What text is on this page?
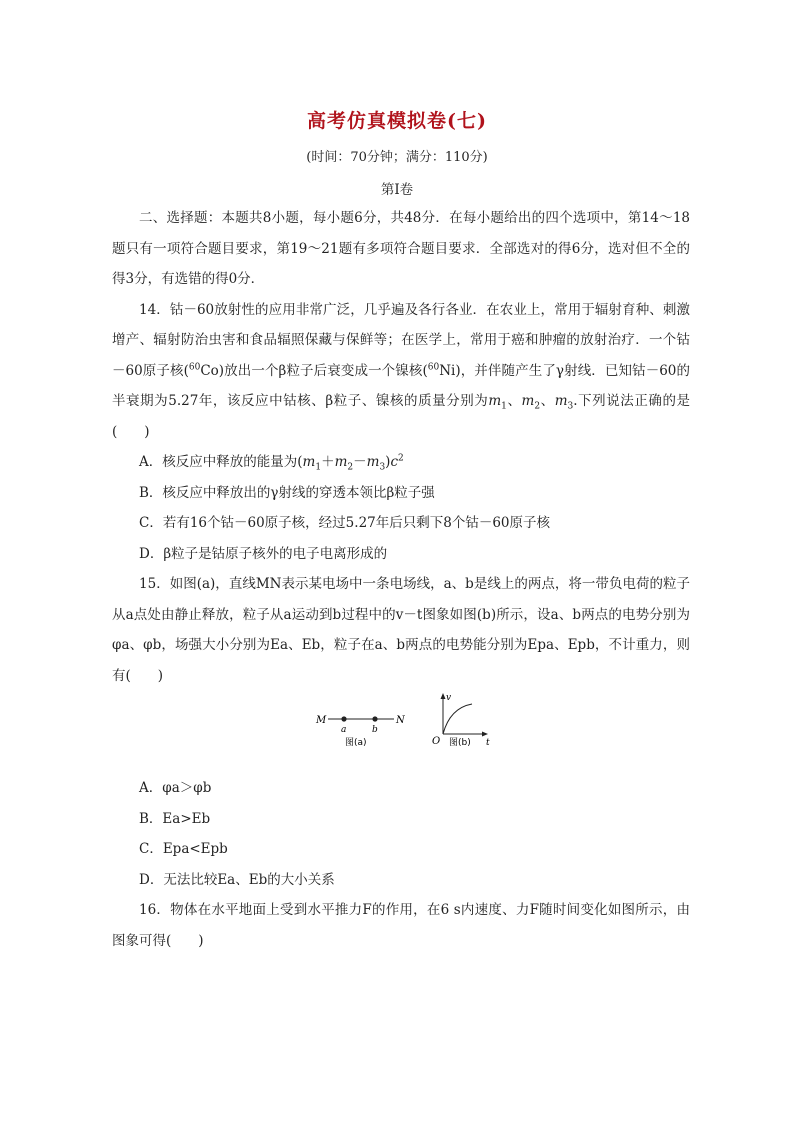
高考仿真模拟卷(七)
(时间：70分钟；满分：110分)
第Ⅰ卷

二、选择题：本题共8小题，每小题6分，共48分．在每小题给出的四个选项中，第14～18题只有一项符合题目要求，第19～21题有多项符合题目要求．全部选对的得6分，选对但不全的得3分，有选错的得0分．

14．钴－60放射性的应用非常广泛，几乎遍及各行各业．在农业上，常用于辐射育种、刺激增产、辐射防治虫害和食品辐照保藏与保鲜等；在医学上，常用于癌和肿瘤的放射治疗．一个钴－60原子核($^{60}$Co)放出一个β粒子后衰变成一个镍核($^{60}$Ni)，并伴随产生了γ射线．已知钴－60的半衰期为5.27年，该反应中钴核、β粒子、镍核的质量分别为$m_1$、$m_2$、$m_3$.下列说法正确的是(　　)

A．核反应中释放的能量为$(m_1+m_2-m_3)c^2$

B．核反应中释放出的γ射线的穿透本领比β粒子强

C．若有16个钴－60原子核，经过5.27年后只剩下8个钴－60原子核

D．β粒子是钴原子核外的电子电离形成的

15．如图(a)，直线MN表示某电场中一条电场线，a、b是线上的两点，将一带负电荷的粒子从a点处由静止释放，粒子从a运动到b过程中的v－t图象如图(b)所示，设a、b两点的电势分别为φa、φb，场强大小分别为Ea、Eb，粒子在a、b两点的电势能分别为Epa、Epb，不计重力，则有(　　)

M
a	b
N
图(a)
v
O	t
图(b)

A．φa＞φb

B．Ea>Eb

C．Epa<Epb

D．无法比较Ea、Eb的大小关系

16．物体在水平地面上受到水平推力F的作用，在6 s内速度、力F随时间变化如图所示，由图象可得(　　)
